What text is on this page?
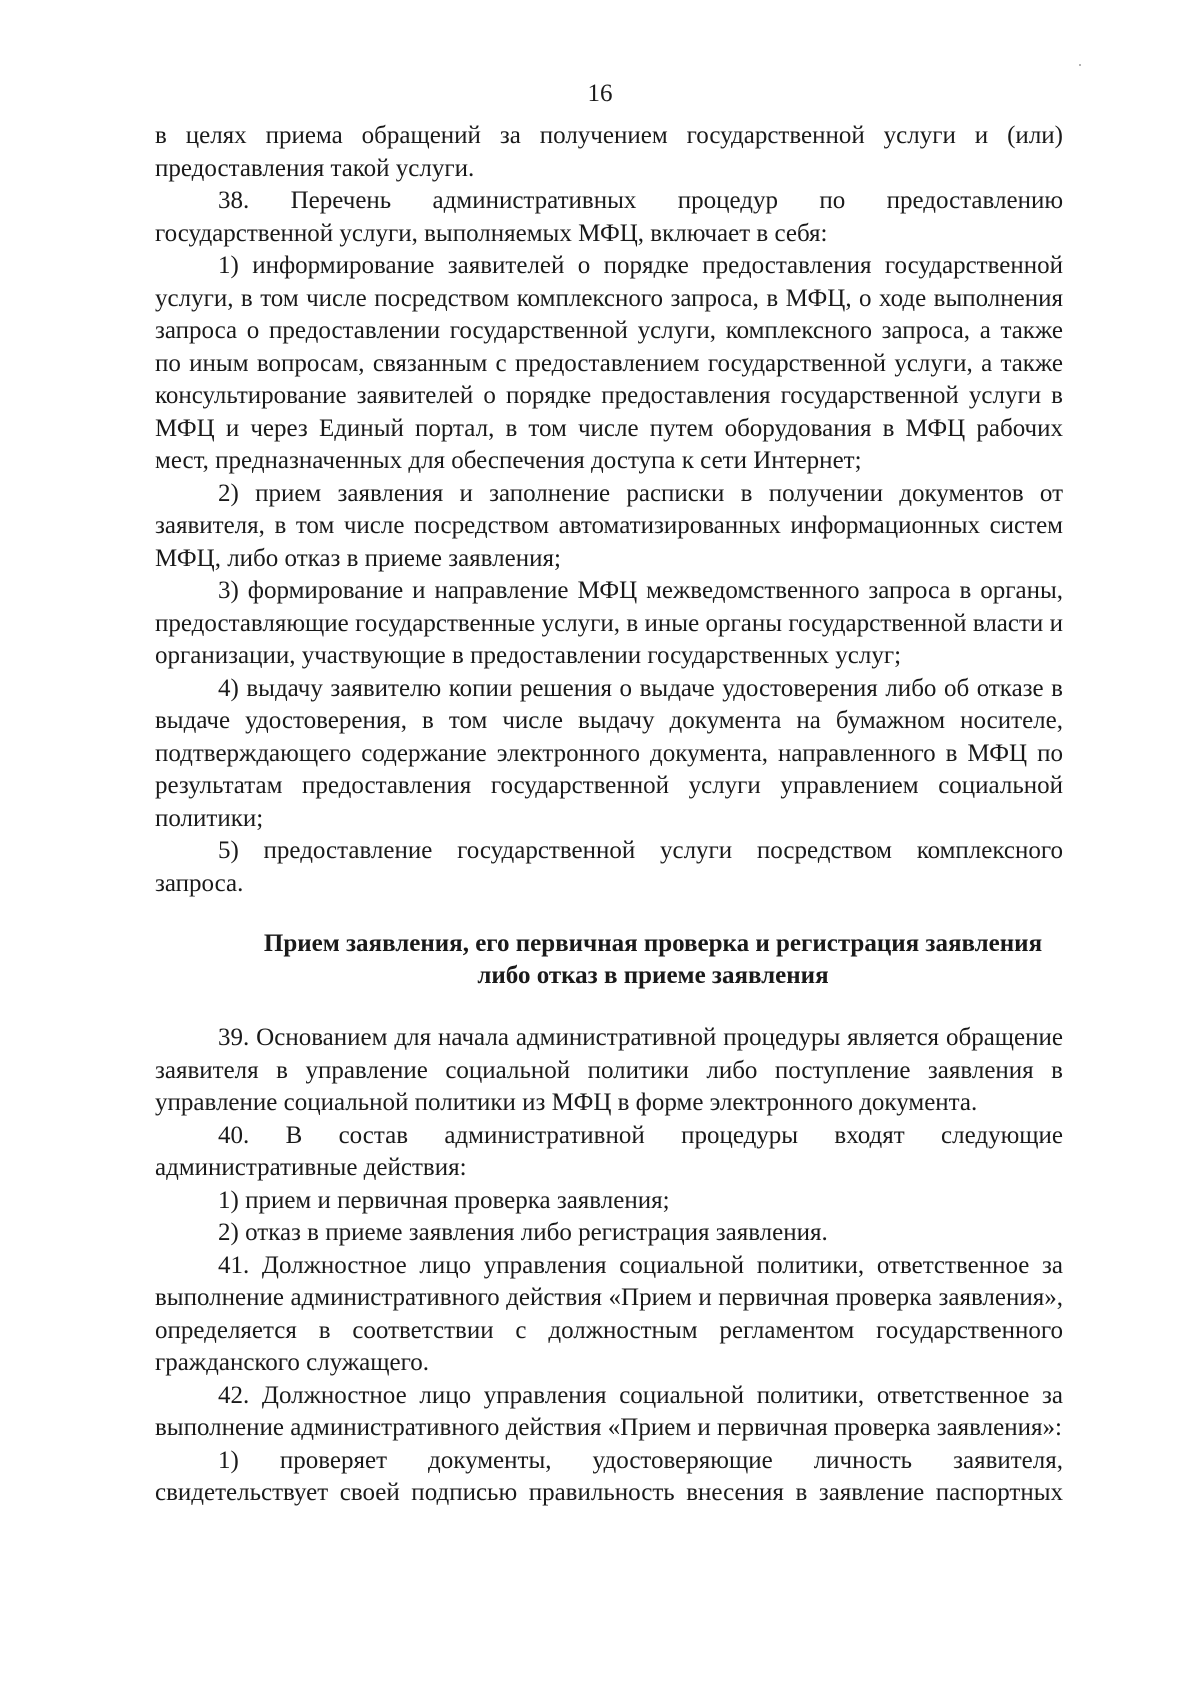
16

в целях приема обращений за получением государственной услуги и (или) предоставления такой услуги.

38. Перечень административных процедур по предоставлению государственной услуги, выполняемых МФЦ, включает в себя:

1) информирование заявителей о порядке предоставления государственной услуги, в том числе посредством комплексного запроса, в МФЦ, о ходе выполнения запроса о предоставлении государственной услуги, комплексного запроса, а также по иным вопросам, связанным с предоставлением государственной услуги, а также консультирование заявителей о порядке предоставления государственной услуги в МФЦ и через Единый портал, в том числе путем оборудования в МФЦ рабочих мест, предназначенных для обеспечения доступа к сети Интернет;

2) прием заявления и заполнение расписки в получении документов от заявителя, в том числе посредством автоматизированных информационных систем МФЦ, либо отказ в приеме заявления;

3) формирование и направление МФЦ межведомственного запроса в органы, предоставляющие государственные услуги, в иные органы государственной власти и организации, участвующие в предоставлении государственных услуг;

4) выдачу заявителю копии решения о выдаче удостоверения либо об отказе в выдаче удостоверения, в том числе выдачу документа на бумажном носителе, подтверждающего содержание электронного документа, направленного в МФЦ по результатам предоставления государственной услуги управлением социальной политики;

5) предоставление государственной услуги посредством комплексного запроса.

Прием заявления, его первичная проверка и регистрация заявления
либо отказ в приеме заявления

39. Основанием для начала административной процедуры является обращение заявителя в управление социальной политики либо поступление заявления в управление социальной политики из МФЦ в форме электронного документа.

40. В состав административной процедуры входят следующие административные действия:

1) прием и первичная проверка заявления;

2) отказ в приеме заявления либо регистрация заявления.

41. Должностное лицо управления социальной политики, ответственное за выполнение административного действия «Прием и первичная проверка заявления», определяется в соответствии с должностным регламентом государственного гражданского служащего.

42. Должностное лицо управления социальной политики, ответственное за выполнение административного действия «Прием и первичная проверка заявления»:

1) проверяет документы, удостоверяющие личность заявителя, свидетельствует своей подписью правильность внесения в заявление паспортных
